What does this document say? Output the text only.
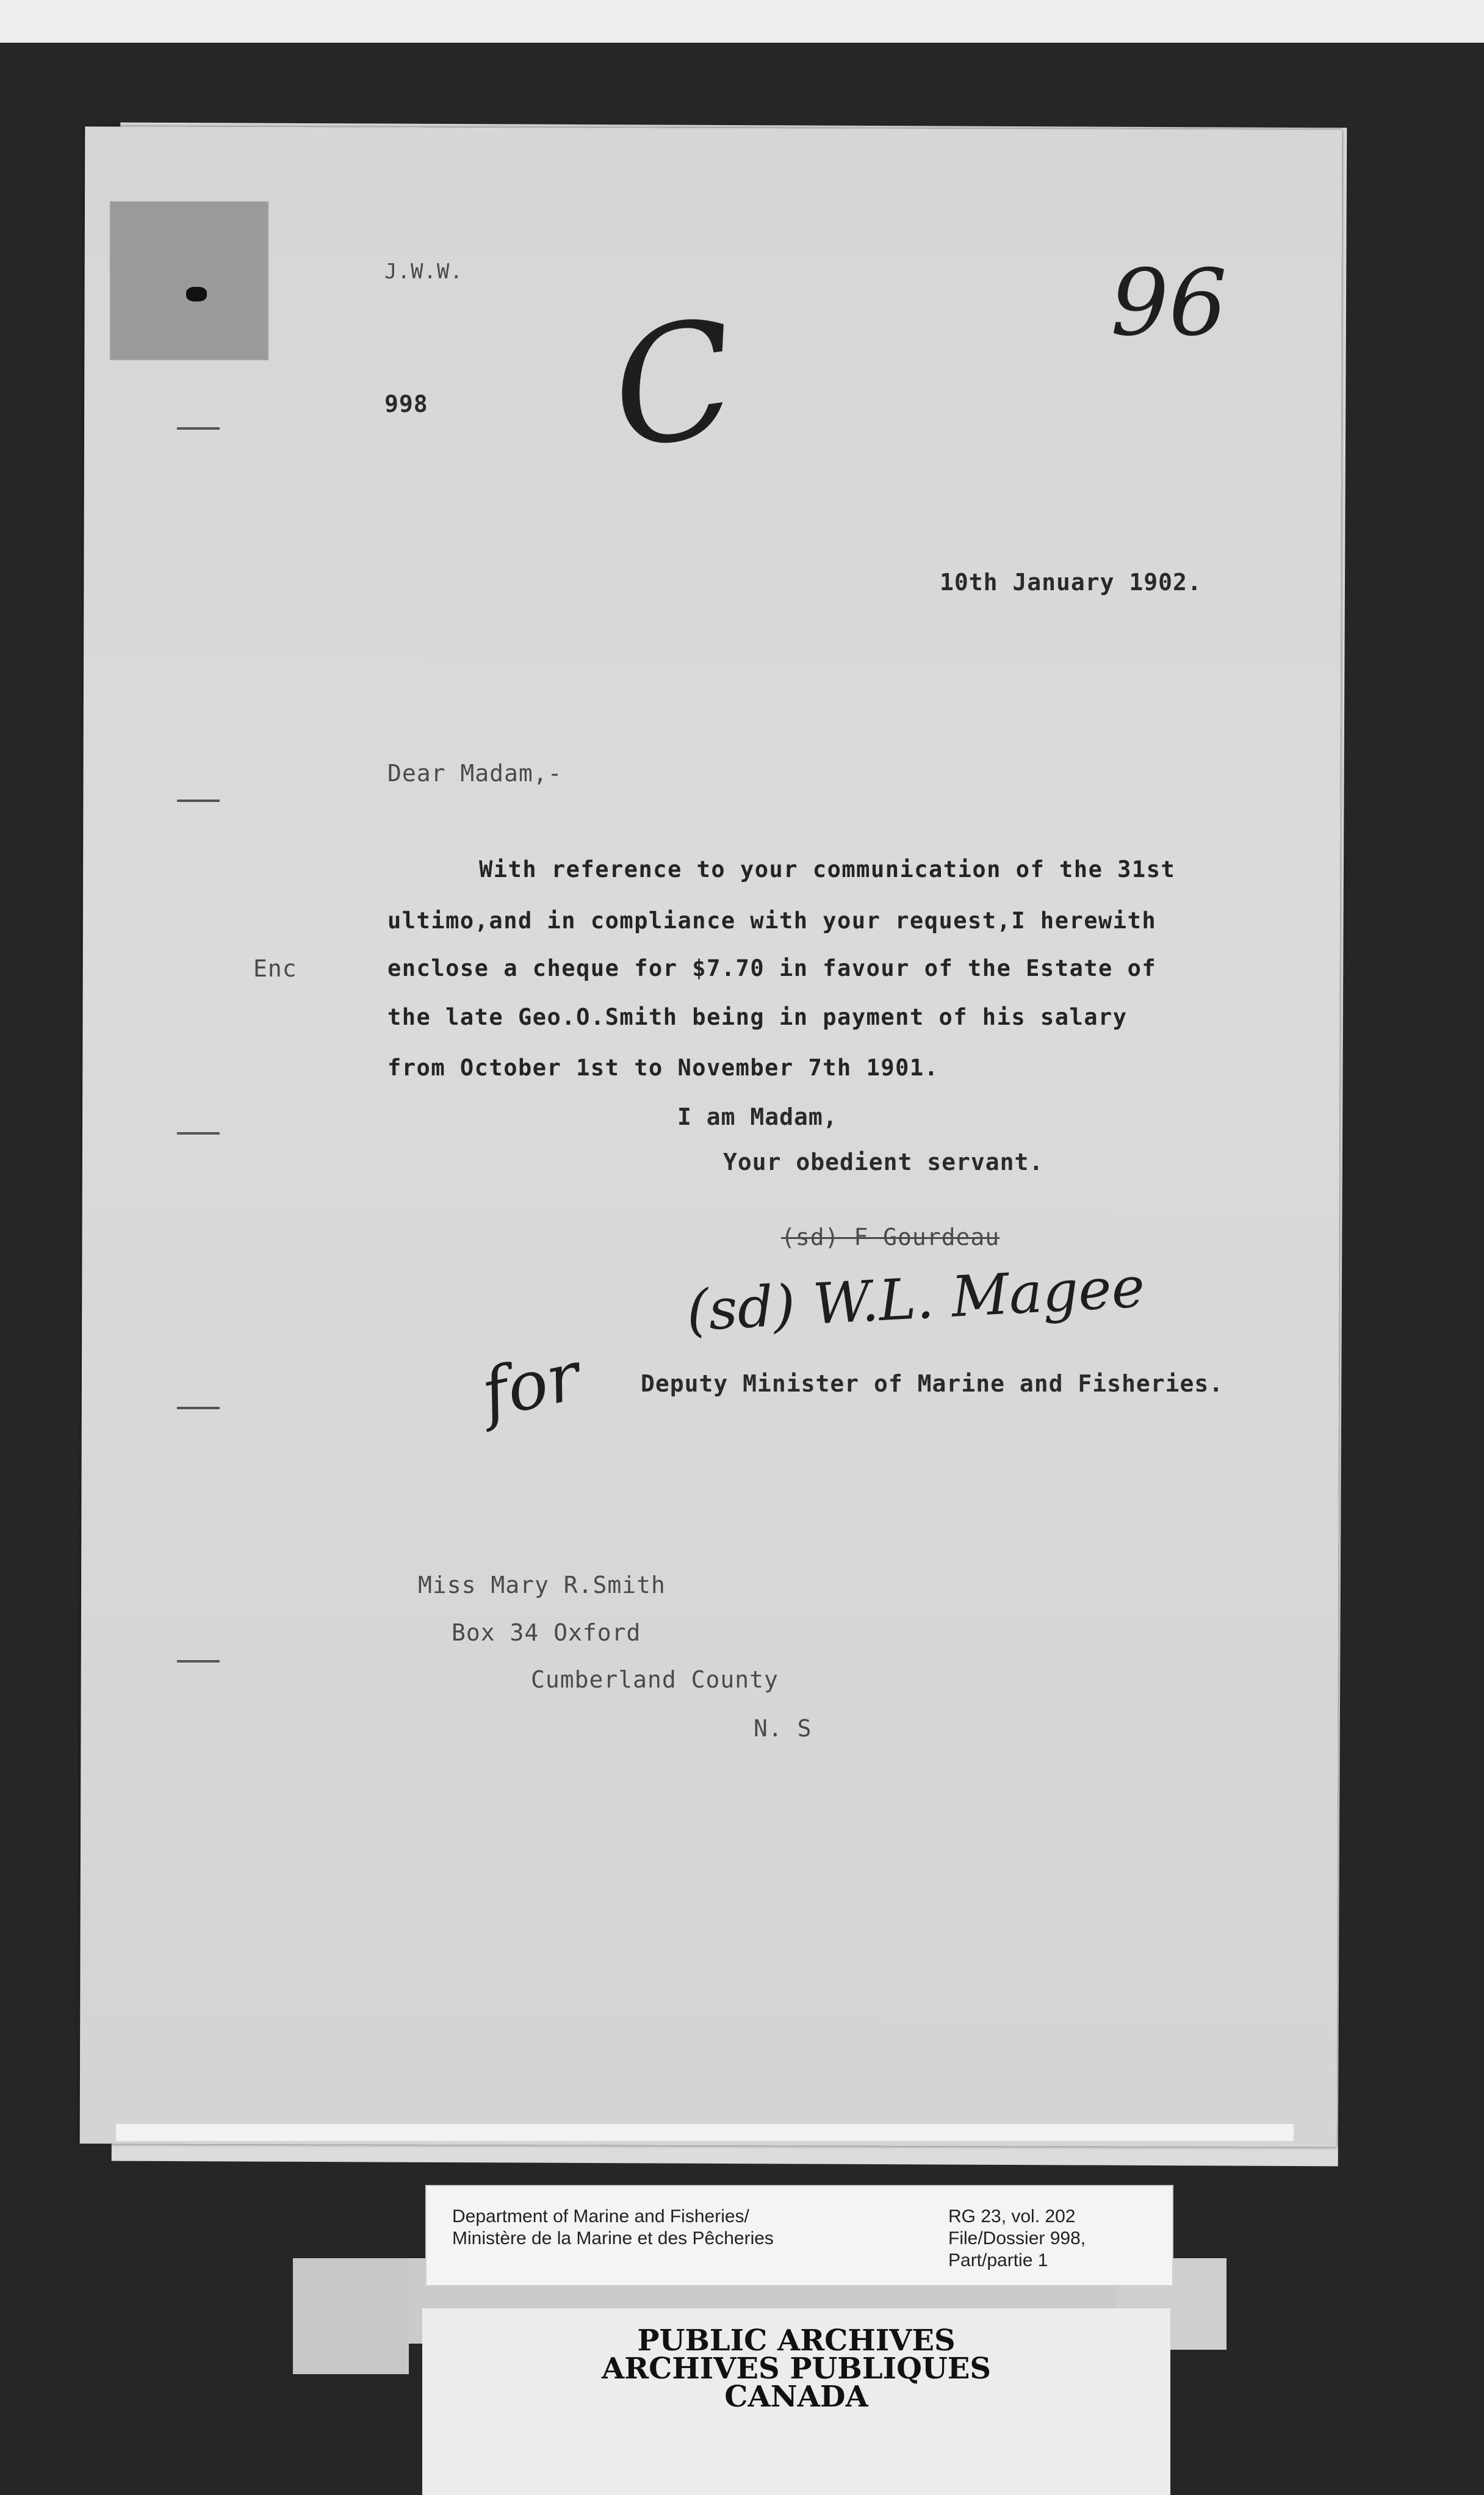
J.W.W.
998
96
C
10th January 1902.
Dear Madam,-
Enc
With reference to your communication of the 31st
ultimo,and in compliance with your request,I herewith
enclose a cheque for $7.70 in favour of the Estate of
the late Geo.O.Smith being in payment of his salary
from October 1st to November 7th 1901.
I am Madam,
Your obedient servant.
(sd) F Gourdeau
(sd) W.L. Magee
for Deputy Minister of Marine and Fisheries.
Miss Mary R.Smith
Box 34 Oxford
Cumberland County
N. S
Department of Marine and Fisheries/
Ministère de la Marine et des Pêcheries
RG 23, vol. 202
File/Dossier 998,
Part/partie 1
PUBLIC ARCHIVES
ARCHIVES PUBLIQUES
CANADA
